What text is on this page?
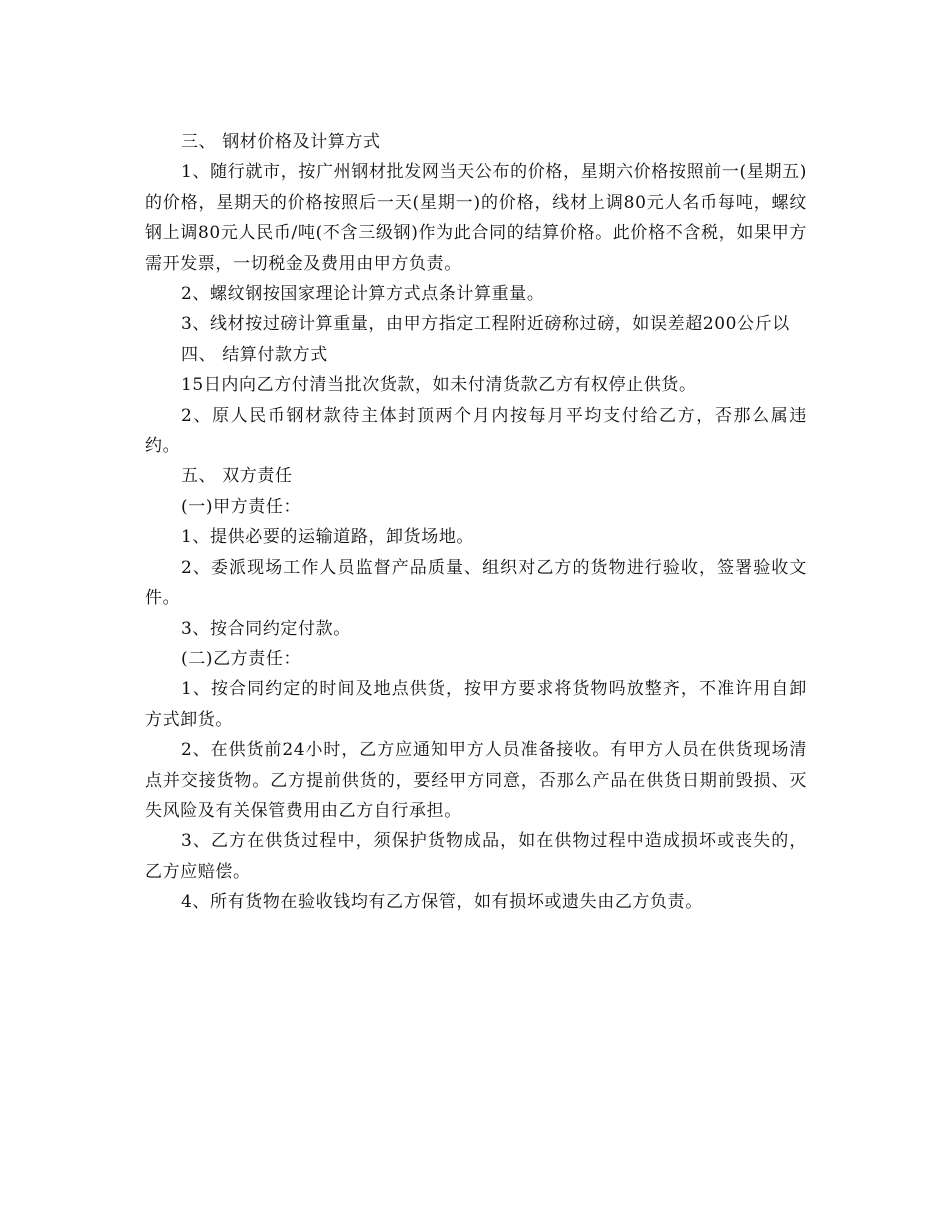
三、 钢材价格及计算方式

1、随行就市，按广州钢材批发网当天公布的价格，星期六价格按照前一(星期五)的价格，星期天的价格按照后一天(星期一)的价格，线材上调80元人名币每吨，螺纹钢上调80元人民币/吨(不含三级钢)作为此合同的结算价格。此价格不含税，如果甲方需开发票，一切税金及费用由甲方负责。

2、螺纹钢按国家理论计算方式点条计算重量。

3、线材按过磅计算重量，由甲方指定工程附近磅称过磅，如误差超200公斤以

四、 结算付款方式

15日内向乙方付清当批次货款，如未付清货款乙方有权停止供货。

2、原人民币钢材款待主体封顶两个月内按每月平均支付给乙方，否那么属违约。

五、 双方责任

(一)甲方责任：

1、提供必要的运输道路，卸货场地。

2、委派现场工作人员监督产品质量、组织对乙方的货物进行验收，签署验收文件。

3、按合同约定付款。

(二)乙方责任：

1、按合同约定的时间及地点供货，按甲方要求将货物吗放整齐，不准许用自卸方式卸货。

2、在供货前24小时，乙方应通知甲方人员准备接收。有甲方人员在供货现场清点并交接货物。乙方提前供货的，要经甲方同意，否那么产品在供货日期前毁损、灭失风险及有关保管费用由乙方自行承担。

3、乙方在供货过程中，须保护货物成品，如在供物过程中造成损坏或丧失的，乙方应赔偿。

4、所有货物在验收钱均有乙方保管，如有损坏或遗失由乙方负责。
